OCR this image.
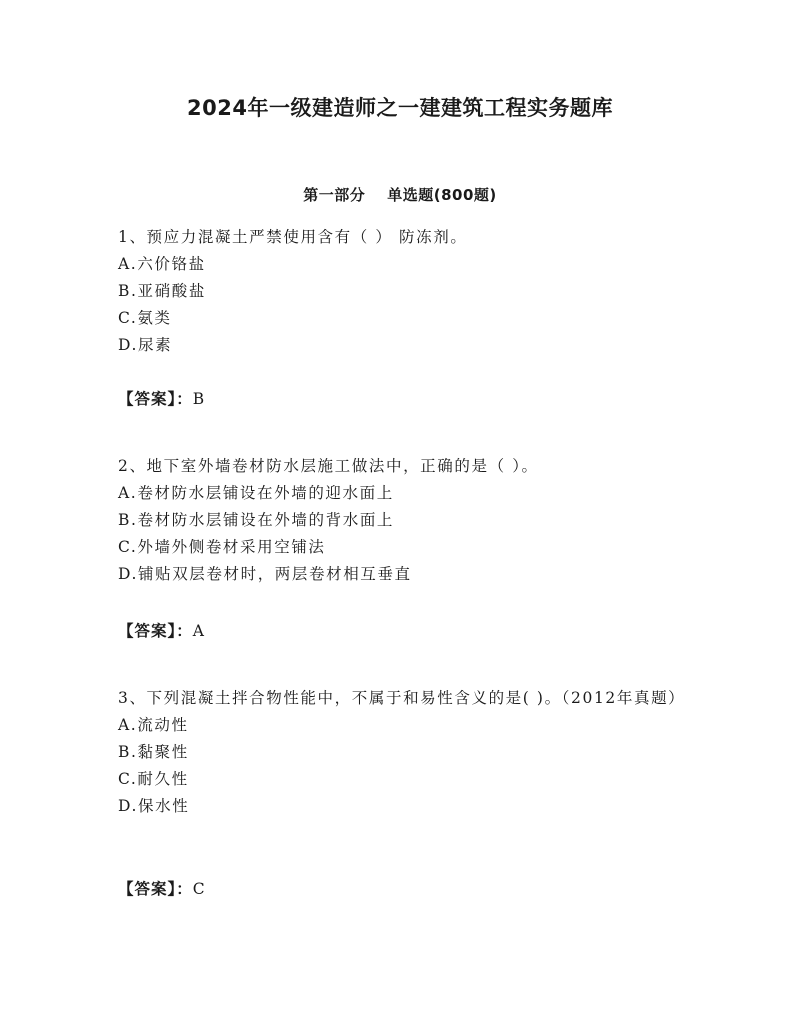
2024年一级建造师之一建建筑工程实务题库
第一部分 单选题(800题)

1、预应力混凝土严禁使用含有（ ） 防冻剂。

A.六价铬盐

B.亚硝酸盐

C.氨类

D.尿素

【答案】：B

2、地下室外墙卷材防水层施工做法中，正确的是（ ）。

A.卷材防水层铺设在外墙的迎水面上

B.卷材防水层铺设在外墙的背水面上

C.外墙外侧卷材采用空铺法

D.铺贴双层卷材时，两层卷材相互垂直

【答案】：A

3、下列混凝土拌合物性能中，不属于和易性含义的是( )。（2012年真题）

A.流动性

B.黏聚性

C.耐久性

D.保水性

【答案】：C
